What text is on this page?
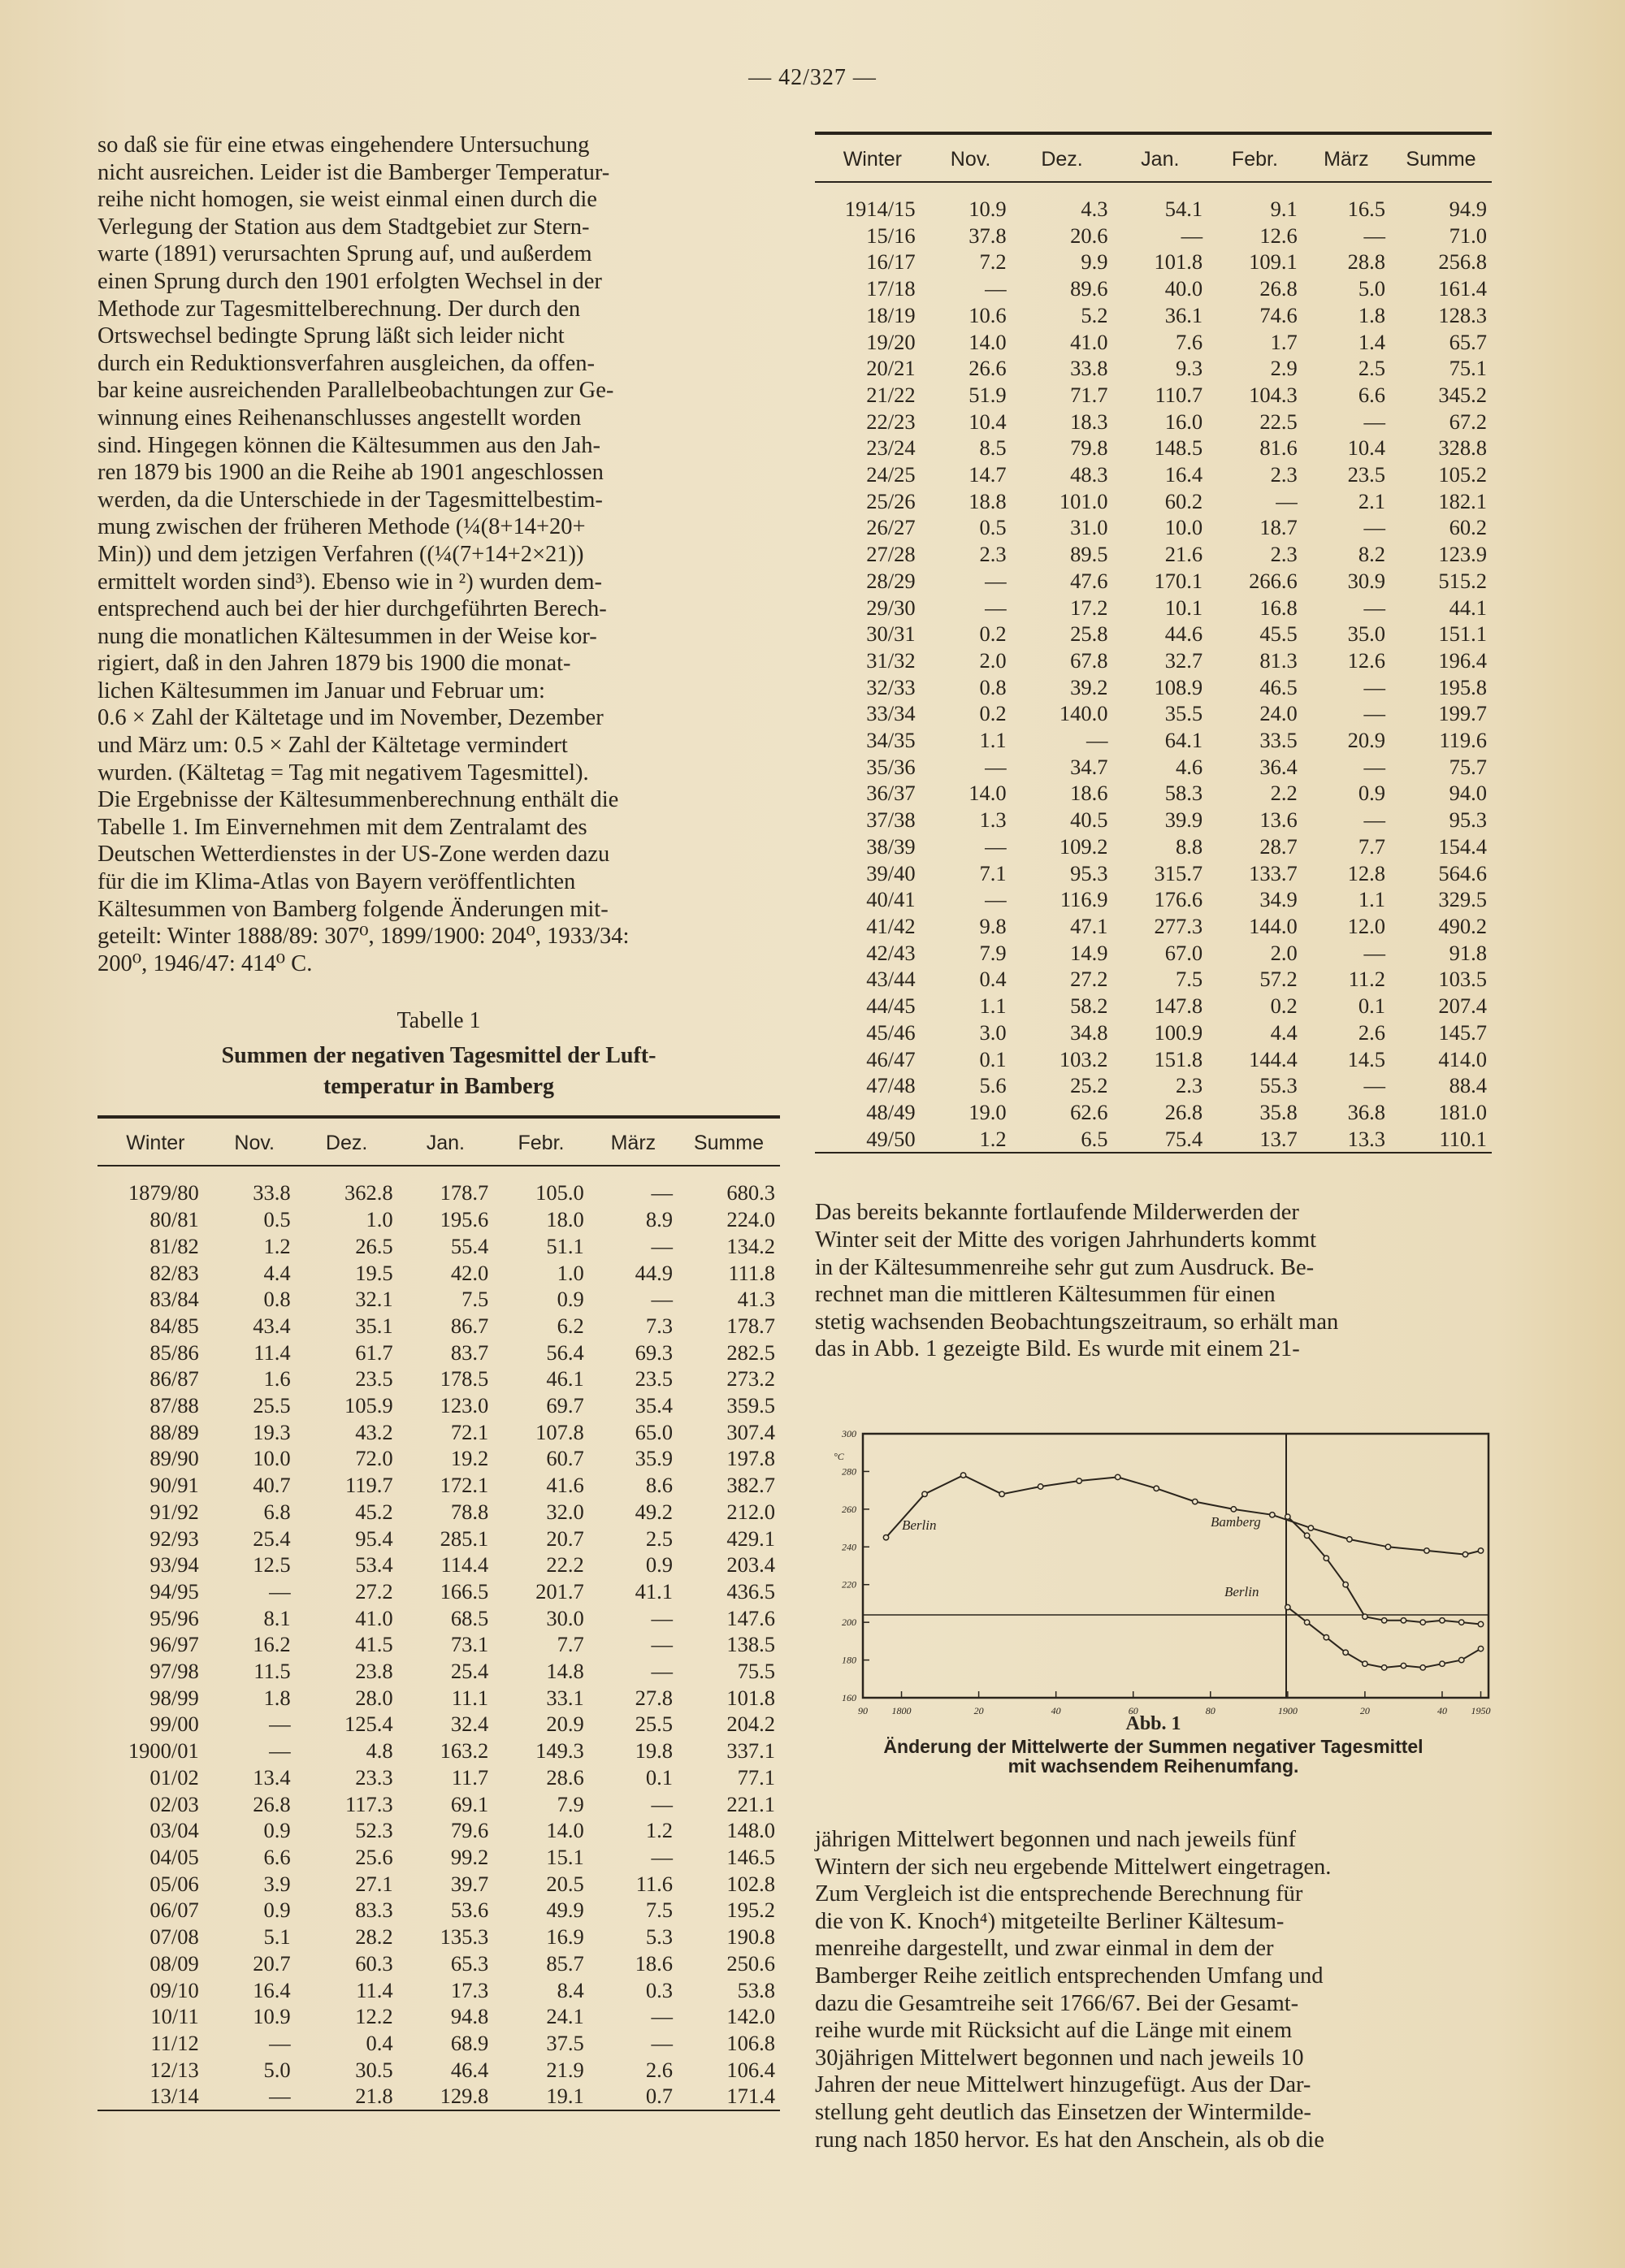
— 42/327 —
so daß sie für eine etwas eingehendere Untersuchung
nicht ausreichen. Leider ist die Bamberger Temperatur-
reihe nicht homogen, sie weist einmal einen durch die
Verlegung der Station aus dem Stadtgebiet zur Stern-
warte (1891) verursachten Sprung auf, und außerdem
einen Sprung durch den 1901 erfolgten Wechsel in der
Methode zur Tagesmittelberechnung. Der durch den
Ortswechsel bedingte Sprung läßt sich leider nicht
durch ein Reduktionsverfahren ausgleichen, da offen-
bar keine ausreichenden Parallelbeobachtungen zur Ge-
winnung eines Reihenanschlusses angestellt worden
sind. Hingegen können die Kältesummen aus den Jah-
ren 1879 bis 1900 an die Reihe ab 1901 angeschlossen
werden, da die Unterschiede in der Tagesmittelbestim-
mung zwischen der früheren Methode (¼(8+14+20+
Min)) und dem jetzigen Verfahren ((¼(7+14+2×21))
ermittelt worden sind³). Ebenso wie in ²) wurden dem-
entsprechend auch bei der hier durchgeführten Berech-
nung die monatlichen Kältesummen in der Weise kor-
rigiert, daß in den Jahren 1879 bis 1900 die monat-
lichen Kältesummen im Januar und Februar um:
0.6 × Zahl der Kältetage und im November, Dezember
und März um: 0.5 × Zahl der Kältetage vermindert
wurden. (Kältetag = Tag mit negativem Tagesmittel).
Die Ergebnisse der Kältesummenberechnung enthält die
Tabelle 1. Im Einvernehmen mit dem Zentralamt des
Deutschen Wetterdienstes in der US-Zone werden dazu
für die im Klima-Atlas von Bayern veröffentlichten
Kältesummen von Bamberg folgende Änderungen mit-
geteilt: Winter 1888/89: 307⁰, 1899/1900: 204⁰, 1933/34:
200⁰, 1946/47: 414⁰ C.
Tabelle 1
Summen der negativen Tagesmittel der Luft-
temperatur in Bamberg
Winter	Nov.	Dez.	Jan.	Febr.	März	Summe
1879/80	33.8	362.8	178.7	105.0	—	680.3
80/81	0.5	1.0	195.6	18.0	8.9	224.0
81/82	1.2	26.5	55.4	51.1	—	134.2
82/83	4.4	19.5	42.0	1.0	44.9	111.8
83/84	0.8	32.1	7.5	0.9	—	41.3
84/85	43.4	35.1	86.7	6.2	7.3	178.7
85/86	11.4	61.7	83.7	56.4	69.3	282.5
86/87	1.6	23.5	178.5	46.1	23.5	273.2
87/88	25.5	105.9	123.0	69.7	35.4	359.5
88/89	19.3	43.2	72.1	107.8	65.0	307.4
89/90	10.0	72.0	19.2	60.7	35.9	197.8
90/91	40.7	119.7	172.1	41.6	8.6	382.7
91/92	6.8	45.2	78.8	32.0	49.2	212.0
92/93	25.4	95.4	285.1	20.7	2.5	429.1
93/94	12.5	53.4	114.4	22.2	0.9	203.4
94/95	—	27.2	166.5	201.7	41.1	436.5
95/96	8.1	41.0	68.5	30.0	—	147.6
96/97	16.2	41.5	73.1	7.7	—	138.5
97/98	11.5	23.8	25.4	14.8	—	75.5
98/99	1.8	28.0	11.1	33.1	27.8	101.8
99/00	—	125.4	32.4	20.9	25.5	204.2
1900/01	—	4.8	163.2	149.3	19.8	337.1
01/02	13.4	23.3	11.7	28.6	0.1	77.1
02/03	26.8	117.3	69.1	7.9	—	221.1
03/04	0.9	52.3	79.6	14.0	1.2	148.0
04/05	6.6	25.6	99.2	15.1	—	146.5
05/06	3.9	27.1	39.7	20.5	11.6	102.8
06/07	0.9	83.3	53.6	49.9	7.5	195.2
07/08	5.1	28.2	135.3	16.9	5.3	190.8
08/09	20.7	60.3	65.3	85.7	18.6	250.6
09/10	16.4	11.4	17.3	8.4	0.3	53.8
10/11	10.9	12.2	94.8	24.1	—	142.0
11/12	—	0.4	68.9	37.5	—	106.8
12/13	5.0	30.5	46.4	21.9	2.6	106.4
13/14	—	21.8	129.8	19.1	0.7	171.4
Winter	Nov.	Dez.	Jan.	Febr.	März	Summe
1914/15	10.9	4.3	54.1	9.1	16.5	94.9
15/16	37.8	20.6	—	12.6	—	71.0
16/17	7.2	9.9	101.8	109.1	28.8	256.8
17/18	—	89.6	40.0	26.8	5.0	161.4
18/19	10.6	5.2	36.1	74.6	1.8	128.3
19/20	14.0	41.0	7.6	1.7	1.4	65.7
20/21	26.6	33.8	9.3	2.9	2.5	75.1
21/22	51.9	71.7	110.7	104.3	6.6	345.2
22/23	10.4	18.3	16.0	22.5	—	67.2
23/24	8.5	79.8	148.5	81.6	10.4	328.8
24/25	14.7	48.3	16.4	2.3	23.5	105.2
25/26	18.8	101.0	60.2	—	2.1	182.1
26/27	0.5	31.0	10.0	18.7	—	60.2
27/28	2.3	89.5	21.6	2.3	8.2	123.9
28/29	—	47.6	170.1	266.6	30.9	515.2
29/30	—	17.2	10.1	16.8	—	44.1
30/31	0.2	25.8	44.6	45.5	35.0	151.1
31/32	2.0	67.8	32.7	81.3	12.6	196.4
32/33	0.8	39.2	108.9	46.5	—	195.8
33/34	0.2	140.0	35.5	24.0	—	199.7
34/35	1.1	—	64.1	33.5	20.9	119.6
35/36	—	34.7	4.6	36.4	—	75.7
36/37	14.0	18.6	58.3	2.2	0.9	94.0
37/38	1.3	40.5	39.9	13.6	—	95.3
38/39	—	109.2	8.8	28.7	7.7	154.4
39/40	7.1	95.3	315.7	133.7	12.8	564.6
40/41	—	116.9	176.6	34.9	1.1	329.5
41/42	9.8	47.1	277.3	144.0	12.0	490.2
42/43	7.9	14.9	67.0	2.0	—	91.8
43/44	0.4	27.2	7.5	57.2	11.2	103.5
44/45	1.1	58.2	147.8	0.2	0.1	207.4
45/46	3.0	34.8	100.9	4.4	2.6	145.7
46/47	0.1	103.2	151.8	144.4	14.5	414.0
47/48	5.6	25.2	2.3	55.3	—	88.4
48/49	19.0	62.6	26.8	35.8	36.8	181.0
49/50	1.2	6.5	75.4	13.7	13.3	110.1
Das bereits bekannte fortlaufende Milderwerden der
Winter seit der Mitte des vorigen Jahrhunderts kommt
in der Kältesummenreihe sehr gut zum Ausdruck. Be-
rechnet man die mittleren Kältesummen für einen
stetig wachsenden Beobachtungszeitraum, so erhält man
das in Abb. 1 gezeigte Bild. Es wurde mit einem 21-
°C
300
280
260
240
220
200
180
160
90 1800	20	40	60	80	1900	20	40 1950
Berlin	Bamberg
Berlin
Abb. 1
Änderung der Mittelwerte der Summen negativer Tagesmittel
mit wachsendem Reihenumfang.
jährigen Mittelwert begonnen und nach jeweils fünf
Wintern der sich neu ergebende Mittelwert eingetragen.
Zum Vergleich ist die entsprechende Berechnung für
die von K. Knoch⁴) mitgeteilte Berliner Kältesum-
menreihe dargestellt, und zwar einmal in dem der
Bamberger Reihe zeitlich entsprechenden Umfang und
dazu die Gesamtreihe seit 1766/67. Bei der Gesamt-
reihe wurde mit Rücksicht auf die Länge mit einem
30jährigen Mittelwert begonnen und nach jeweils 10
Jahren der neue Mittelwert hinzugefügt. Aus der Dar-
stellung geht deutlich das Einsetzen der Wintermilde-
rung nach 1850 hervor. Es hat den Anschein, als ob die
